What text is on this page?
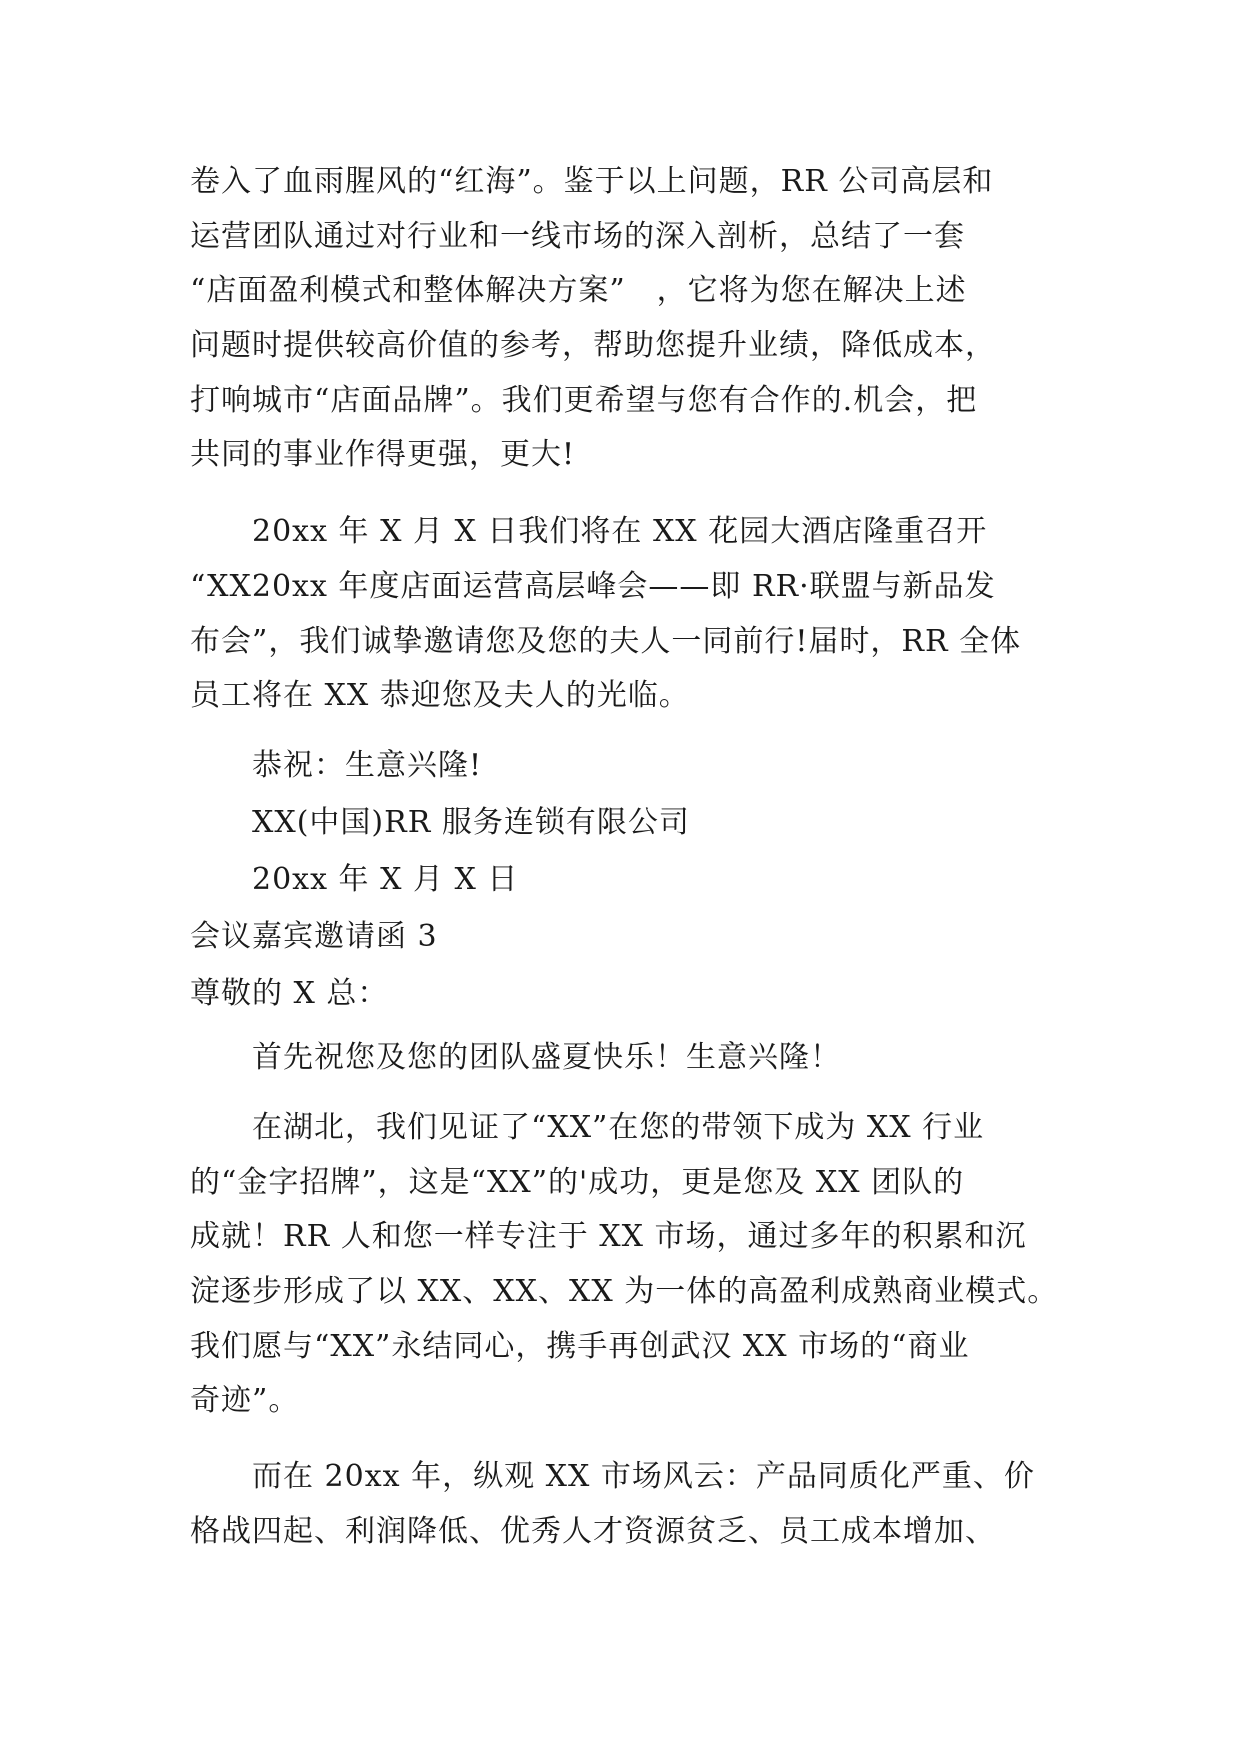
卷入了血雨腥风的“红海”。鉴于以上问题，RR 公司高层和
运营团队通过对行业和一线市场的深入剖析，总结了一套
“店面盈利模式和整体解决方案”　，它将为您在解决上述
问题时提供较高价值的参考，帮助您提升业绩，降低成本，
打响城市“店面品牌”。我们更希望与您有合作的.机会，把
共同的事业作得更强，更大!
20xx 年 X 月 X 日我们将在 XX 花园大酒店隆重召开
“XX20xx 年度店面运营高层峰会——即 RR·联盟与新品发
布会”，我们诚挚邀请您及您的夫人一同前行!届时，RR 全体
员工将在 XX 恭迎您及夫人的光临。
恭祝：生意兴隆!
XX(中国)RR 服务连锁有限公司
20xx 年 X 月 X 日
会议嘉宾邀请函 3
尊敬的 X 总：
首先祝您及您的团队盛夏快乐！生意兴隆！
在湖北，我们见证了“XX”在您的带领下成为 XX 行业
的“金字招牌”，这是“XX”的'成功，更是您及 XX 团队的
成就！RR 人和您一样专注于 XX 市场，通过多年的积累和沉
淀逐步形成了以 XX、XX、XX 为一体的高盈利成熟商业模式。
我们愿与“XX”永结同心，携手再创武汉 XX 市场的“商业
奇迹”。
而在 20xx 年，纵观 XX 市场风云：产品同质化严重、价
格战四起、利润降低、优秀人才资源贫乏、员工成本增加、
